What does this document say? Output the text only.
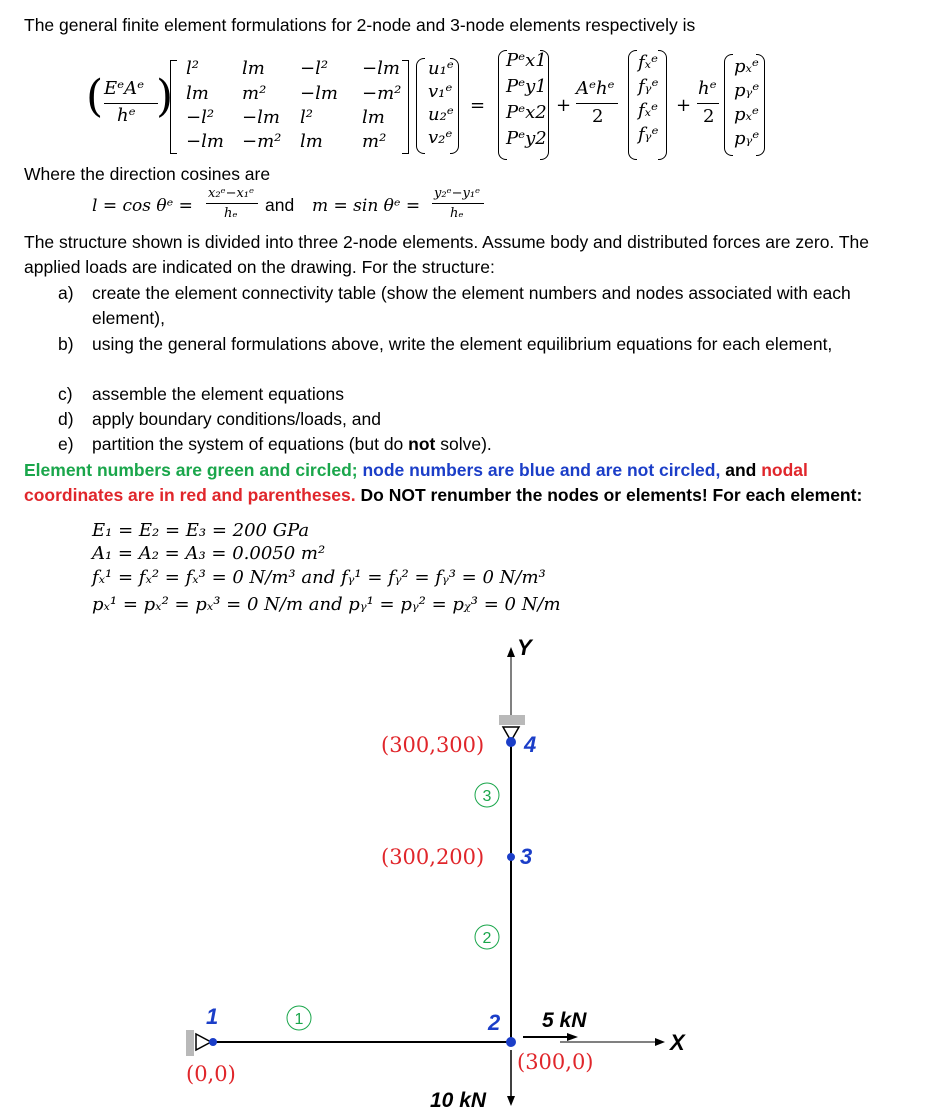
The general finite element formulations for 2-node and 3-node elements respectively is
( EᵉAᵉ
hᵉ )
l² lm −l² −lm
lm m² −lm −m²
−l² −lm l²	lm
−lm −m² lm m²
u₁ᵉ
v₁ᵉ
u₂ᵉ
v₂ᵉ
=
Pᵉx1
Pᵉy1
Pᵉx2
Pᵉy2
+
Aᵉhᵉ
2
fₓᵉ
fᵧᵉ
fₓᵉ
fᵧᵉ
+
hᵉ
2
pₓᵉ
pᵧᵉ
pₓᵉ
pᵧᵉ
Where the direction cosines are
l = cos θᵉ =
x₂ᵉ−x₁ᵉ
hₑ and m = sin θᵉ =
y₂ᵉ−y₁ᵉ
hₑ
The structure shown is divided into three 2-node elements. Assume body and distributed forces are zero. The applied loads are indicated on the drawing. For the structure:
a) create the element connectivity table (show the element numbers and nodes associated with each element),
b) using the general formulations above, write the element equilibrium equations for each element,
c) assemble the element equations
d) apply boundary conditions/loads, and
e) partition the system of equations (but do not solve).
Element numbers are green and circled; node numbers are blue and are not circled, and nodal
coordinates are in red and parentheses. Do NOT renumber the nodes or elements! For each element:
E₁ = E₂ = E₃ = 200 GPa
A₁ = A₂ = A₃ = 0.0050 m²
fₓ¹ = fₓ² = fₓ³ = 0 N/m³ and fᵧ¹ = fᵧ² = fᵧ³ = 0 N/m³
pₓ¹ = pₓ² = pₓ³ = 0 N/m and pᵧ¹ = pᵧ² = pᵪ³ = 0 N/m
Y
X
1	2
3
4
(0,0)	(300,0)
(300,200)
(300,300)
1
2
3
5 kN
10 kN
